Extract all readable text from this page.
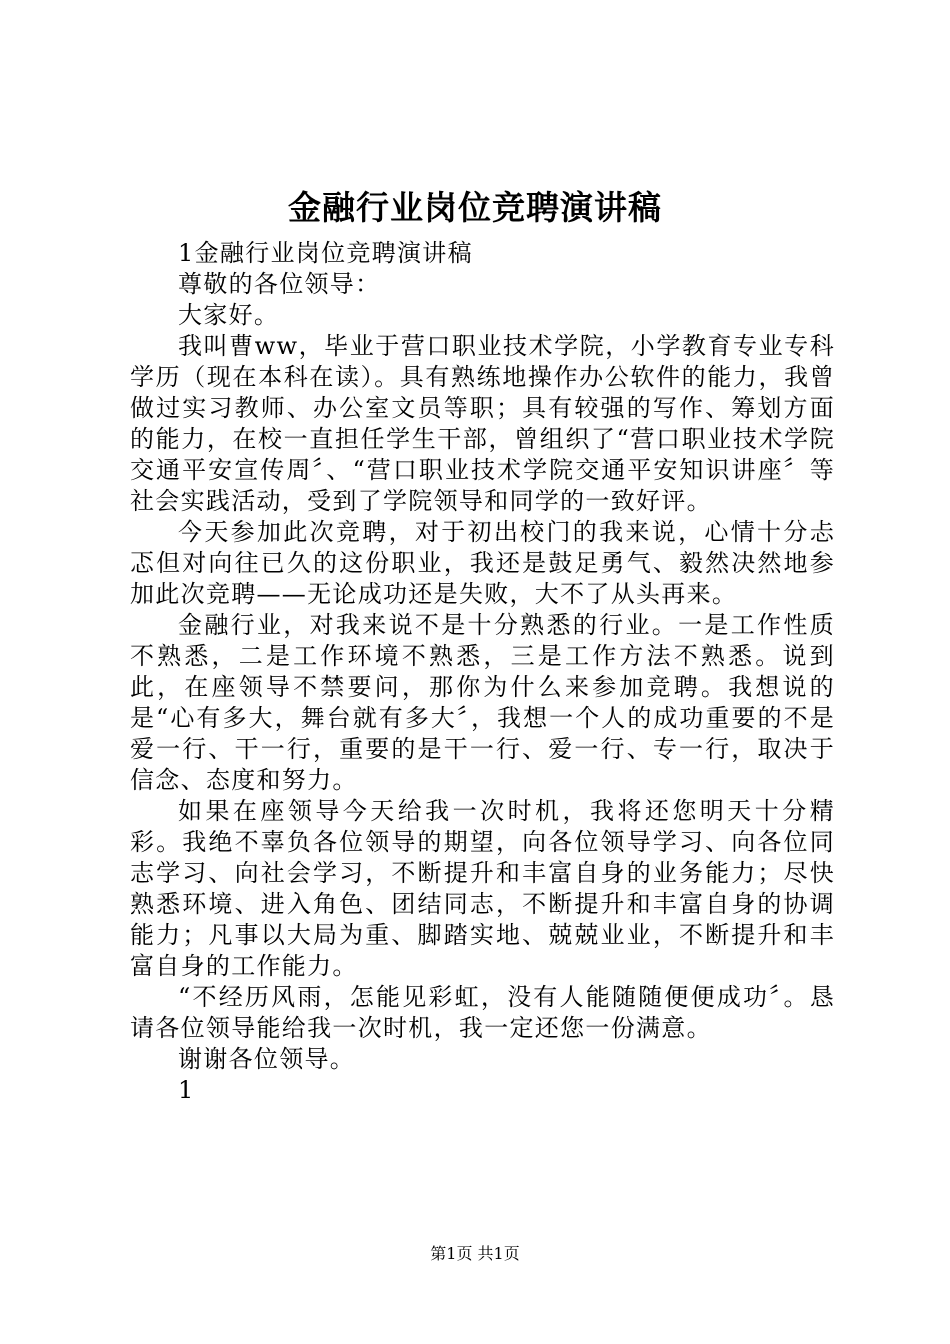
金融行业岗位竞聘演讲稿

1金融行业岗位竞聘演讲稿

尊敬的各位领导：

大家好。

我叫曹ww，毕业于营口职业技术学院，小学教育专业专科学历（现在本科在读）。具有熟练地操作办公软件的能力，我曾做过实习教师、办公室文员等职；具有较强的写作、筹划方面的能力，在校一直担任学生干部，曾组织了“营口职业技术学院交通平安宣传周〞、“营口职业技术学院交通平安知识讲座〞等社会实践活动，受到了学院领导和同学的一致好评。

今天参加此次竞聘，对于初出校门的我来说，心情十分忐忑但对向往已久的这份职业，我还是鼓足勇气、毅然决然地参加此次竞聘——无论成功还是失败，大不了从头再来。

金融行业，对我来说不是十分熟悉的行业。一是工作性质不熟悉，二是工作环境不熟悉，三是工作方法不熟悉。说到此，在座领导不禁要问，那你为什么来参加竞聘。我想说的是“心有多大，舞台就有多大〞，我想一个人的成功重要的不是爱一行、干一行，重要的是干一行、爱一行、专一行，取决于信念、态度和努力。

如果在座领导今天给我一次时机，我将还您明天十分精彩。我绝不辜负各位领导的期望，向各位领导学习、向各位同志学习、向社会学习，不断提升和丰富自身的业务能力；尽快熟悉环境、进入角色、团结同志，不断提升和丰富自身的协调能力；凡事以大局为重、脚踏实地、兢兢业业，不断提升和丰富自身的工作能力。

“不经历风雨，怎能见彩虹，没有人能随随便便成功〞。恳请各位领导能给我一次时机，我一定还您一份满意。

谢谢各位领导。

1

第1页 共1页
